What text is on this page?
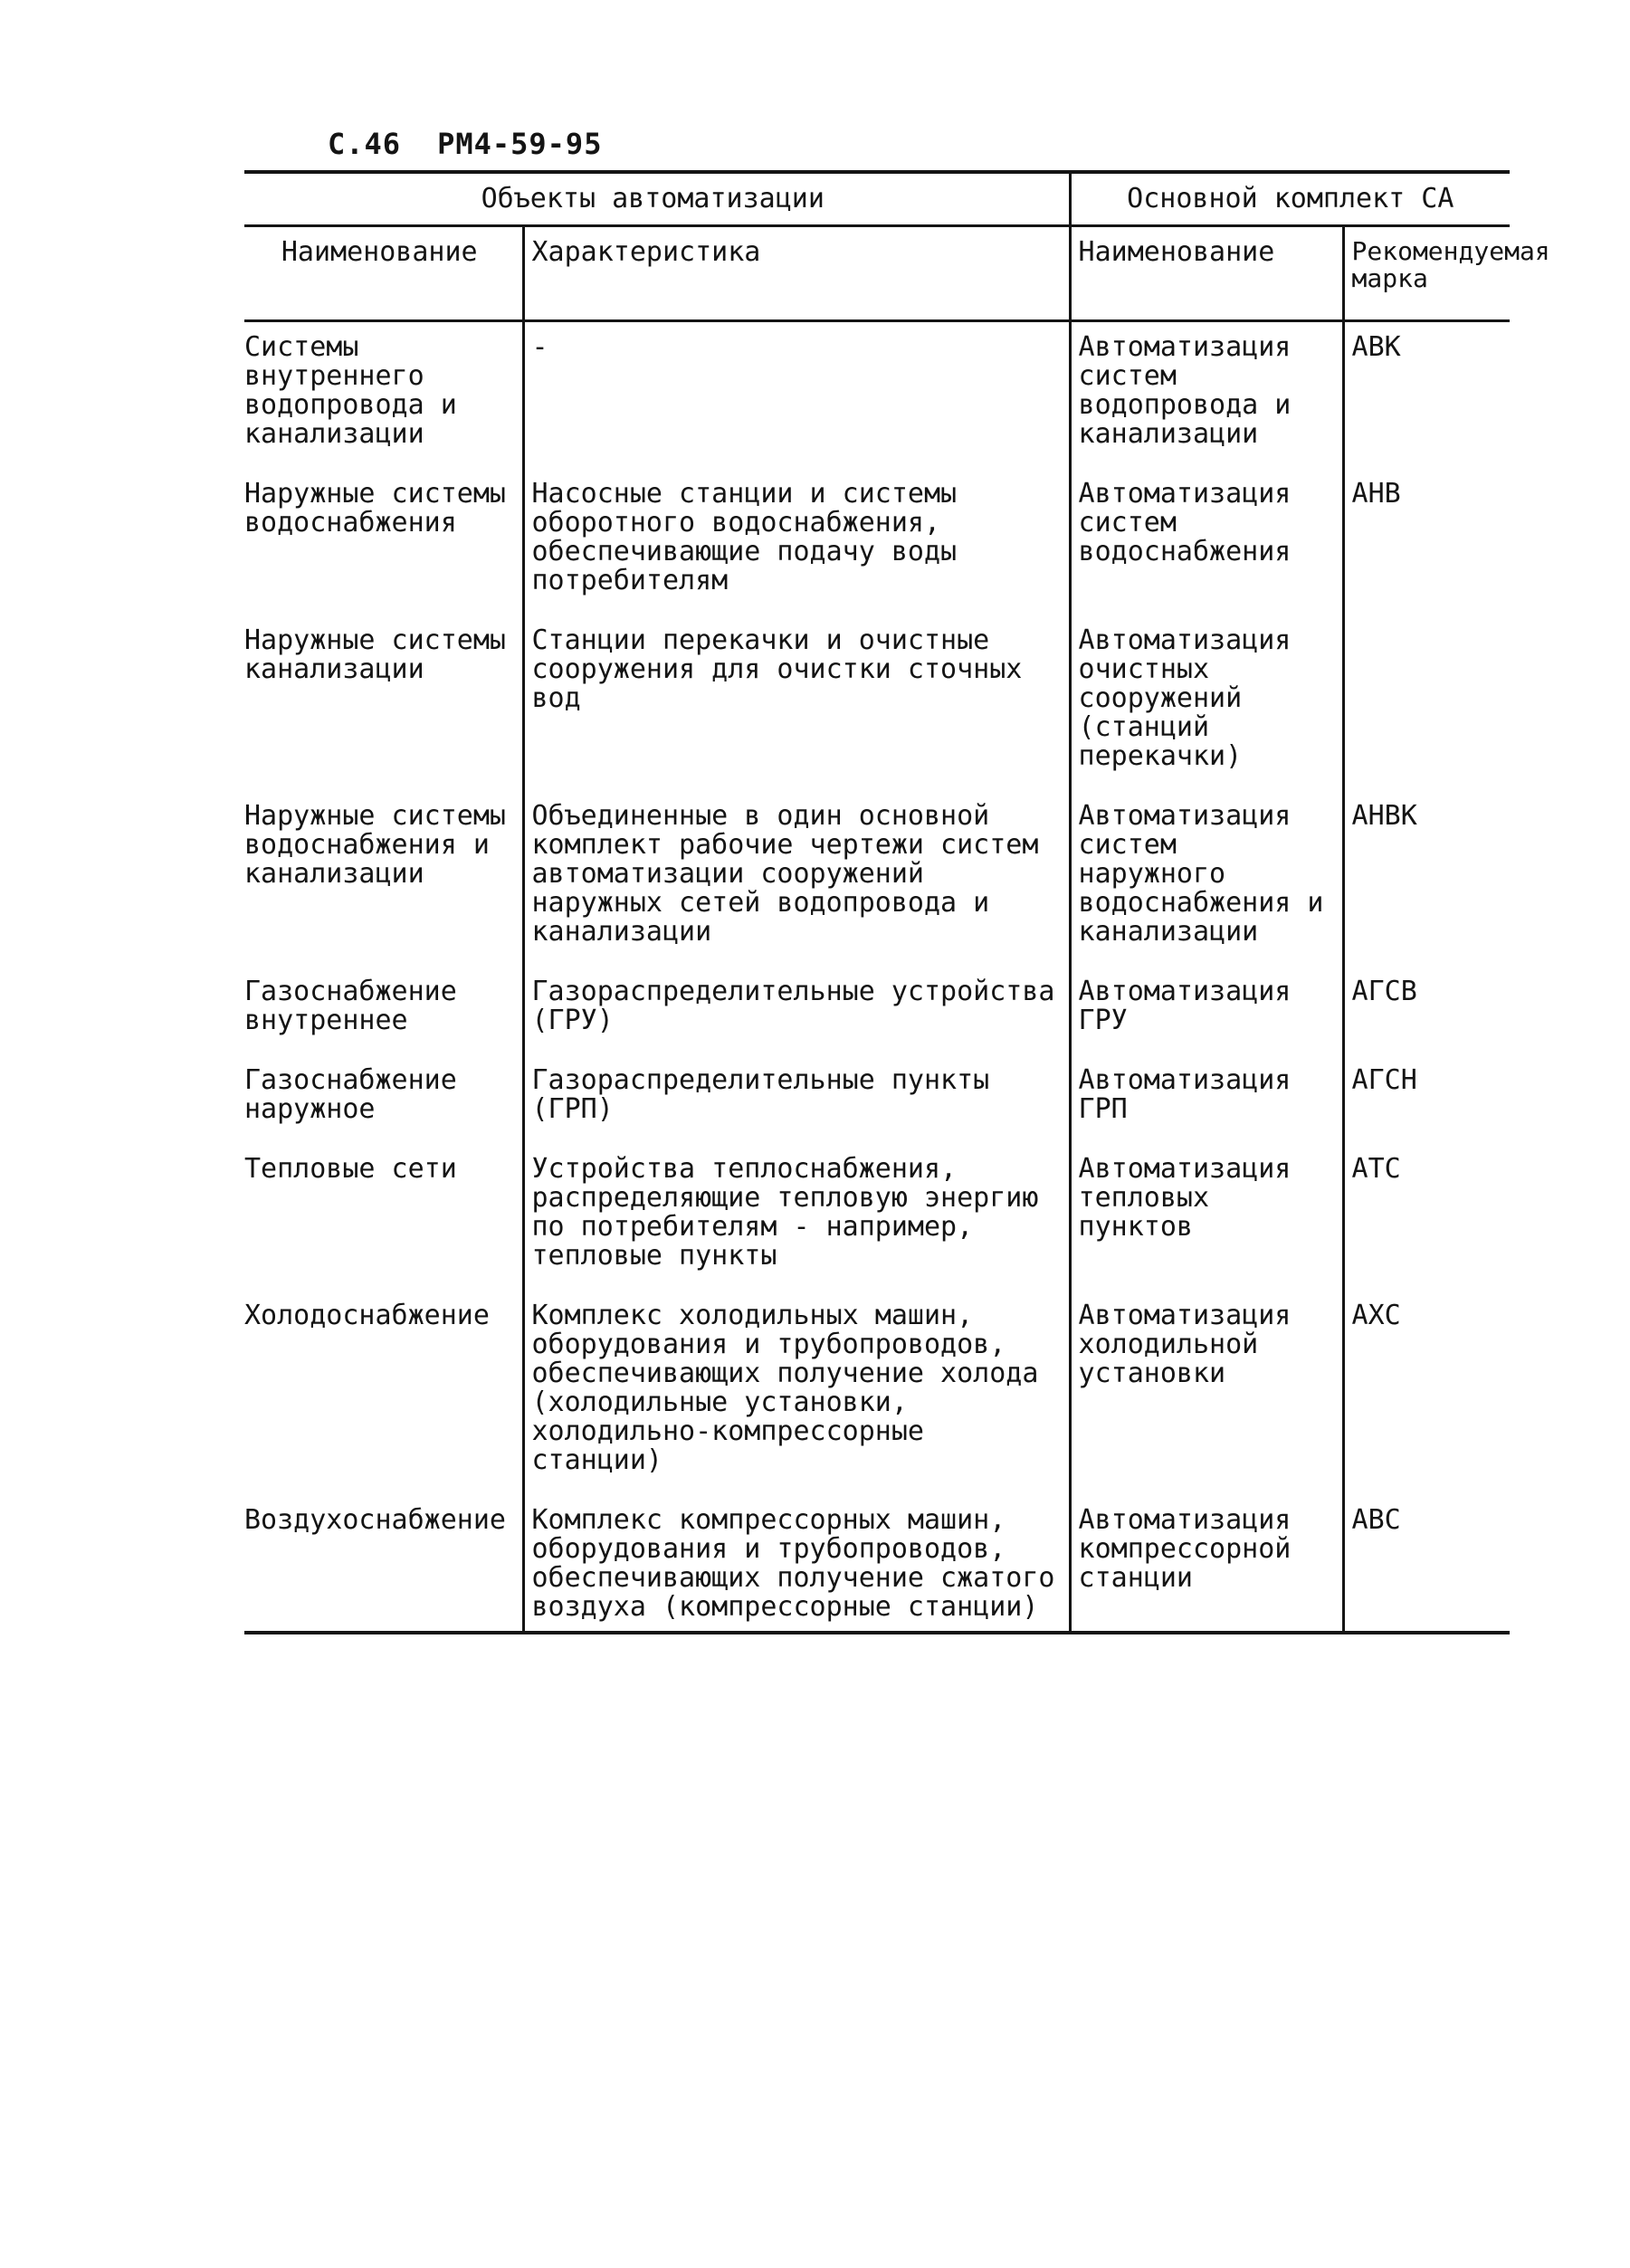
С.46 РМ4-59-95
Объекты автоматизации		Основной комплект СА	
Наименование	Характеристика	Наименование	Рекомендуемая марка
Системы внутреннего водопровода и канализации	-	Автоматизация систем водопровода и канализации	АВК
Наружные системы водоснабжения	Насосные станции и системы оборотного водоснабжения, обеспечивающие подачу воды потребителям	Автоматизация систем водоснабжения	АНВ
Наружные системы канализации	Станции перекачки и очистные сооружения для очистки сточных вод	Автоматизация очистных сооружений (станций перекачки)	
Наружные системы водоснабжения и канализации	Объединенные в один основной комплект рабочие чертежи систем автоматизации сооружений наружных сетей водопровода и канализации	Автоматизация систем наружного водоснабжения и канализации	АНВК
Газоснабжение внутреннее	Газораспределительные устройства (ГРУ)	Автоматизация ГРУ	АГСВ
Газоснабжение наружное	Газораспределительные пункты (ГРП)	Автоматизация ГРП	АГСН
Тепловые сети	Устройства теплоснабжения, распределяющие тепловую энергию по потребителям - например, тепловые пункты	Автоматизация тепловых пунктов	АТС
Холодоснабжение	Комплекс холодильных машин, оборудования и трубопроводов, обеспечивающих получение холода (холодильные установки, холодильно-компрессорные станции)	Автоматизация холодильной установки	АХС
Воздухоснабжение	Комплекс компрессорных машин, оборудования и трубопроводов, обеспечивающих получение сжатого воздуха (компрессорные станции)	Автоматизация компрессорной станции	АВС
